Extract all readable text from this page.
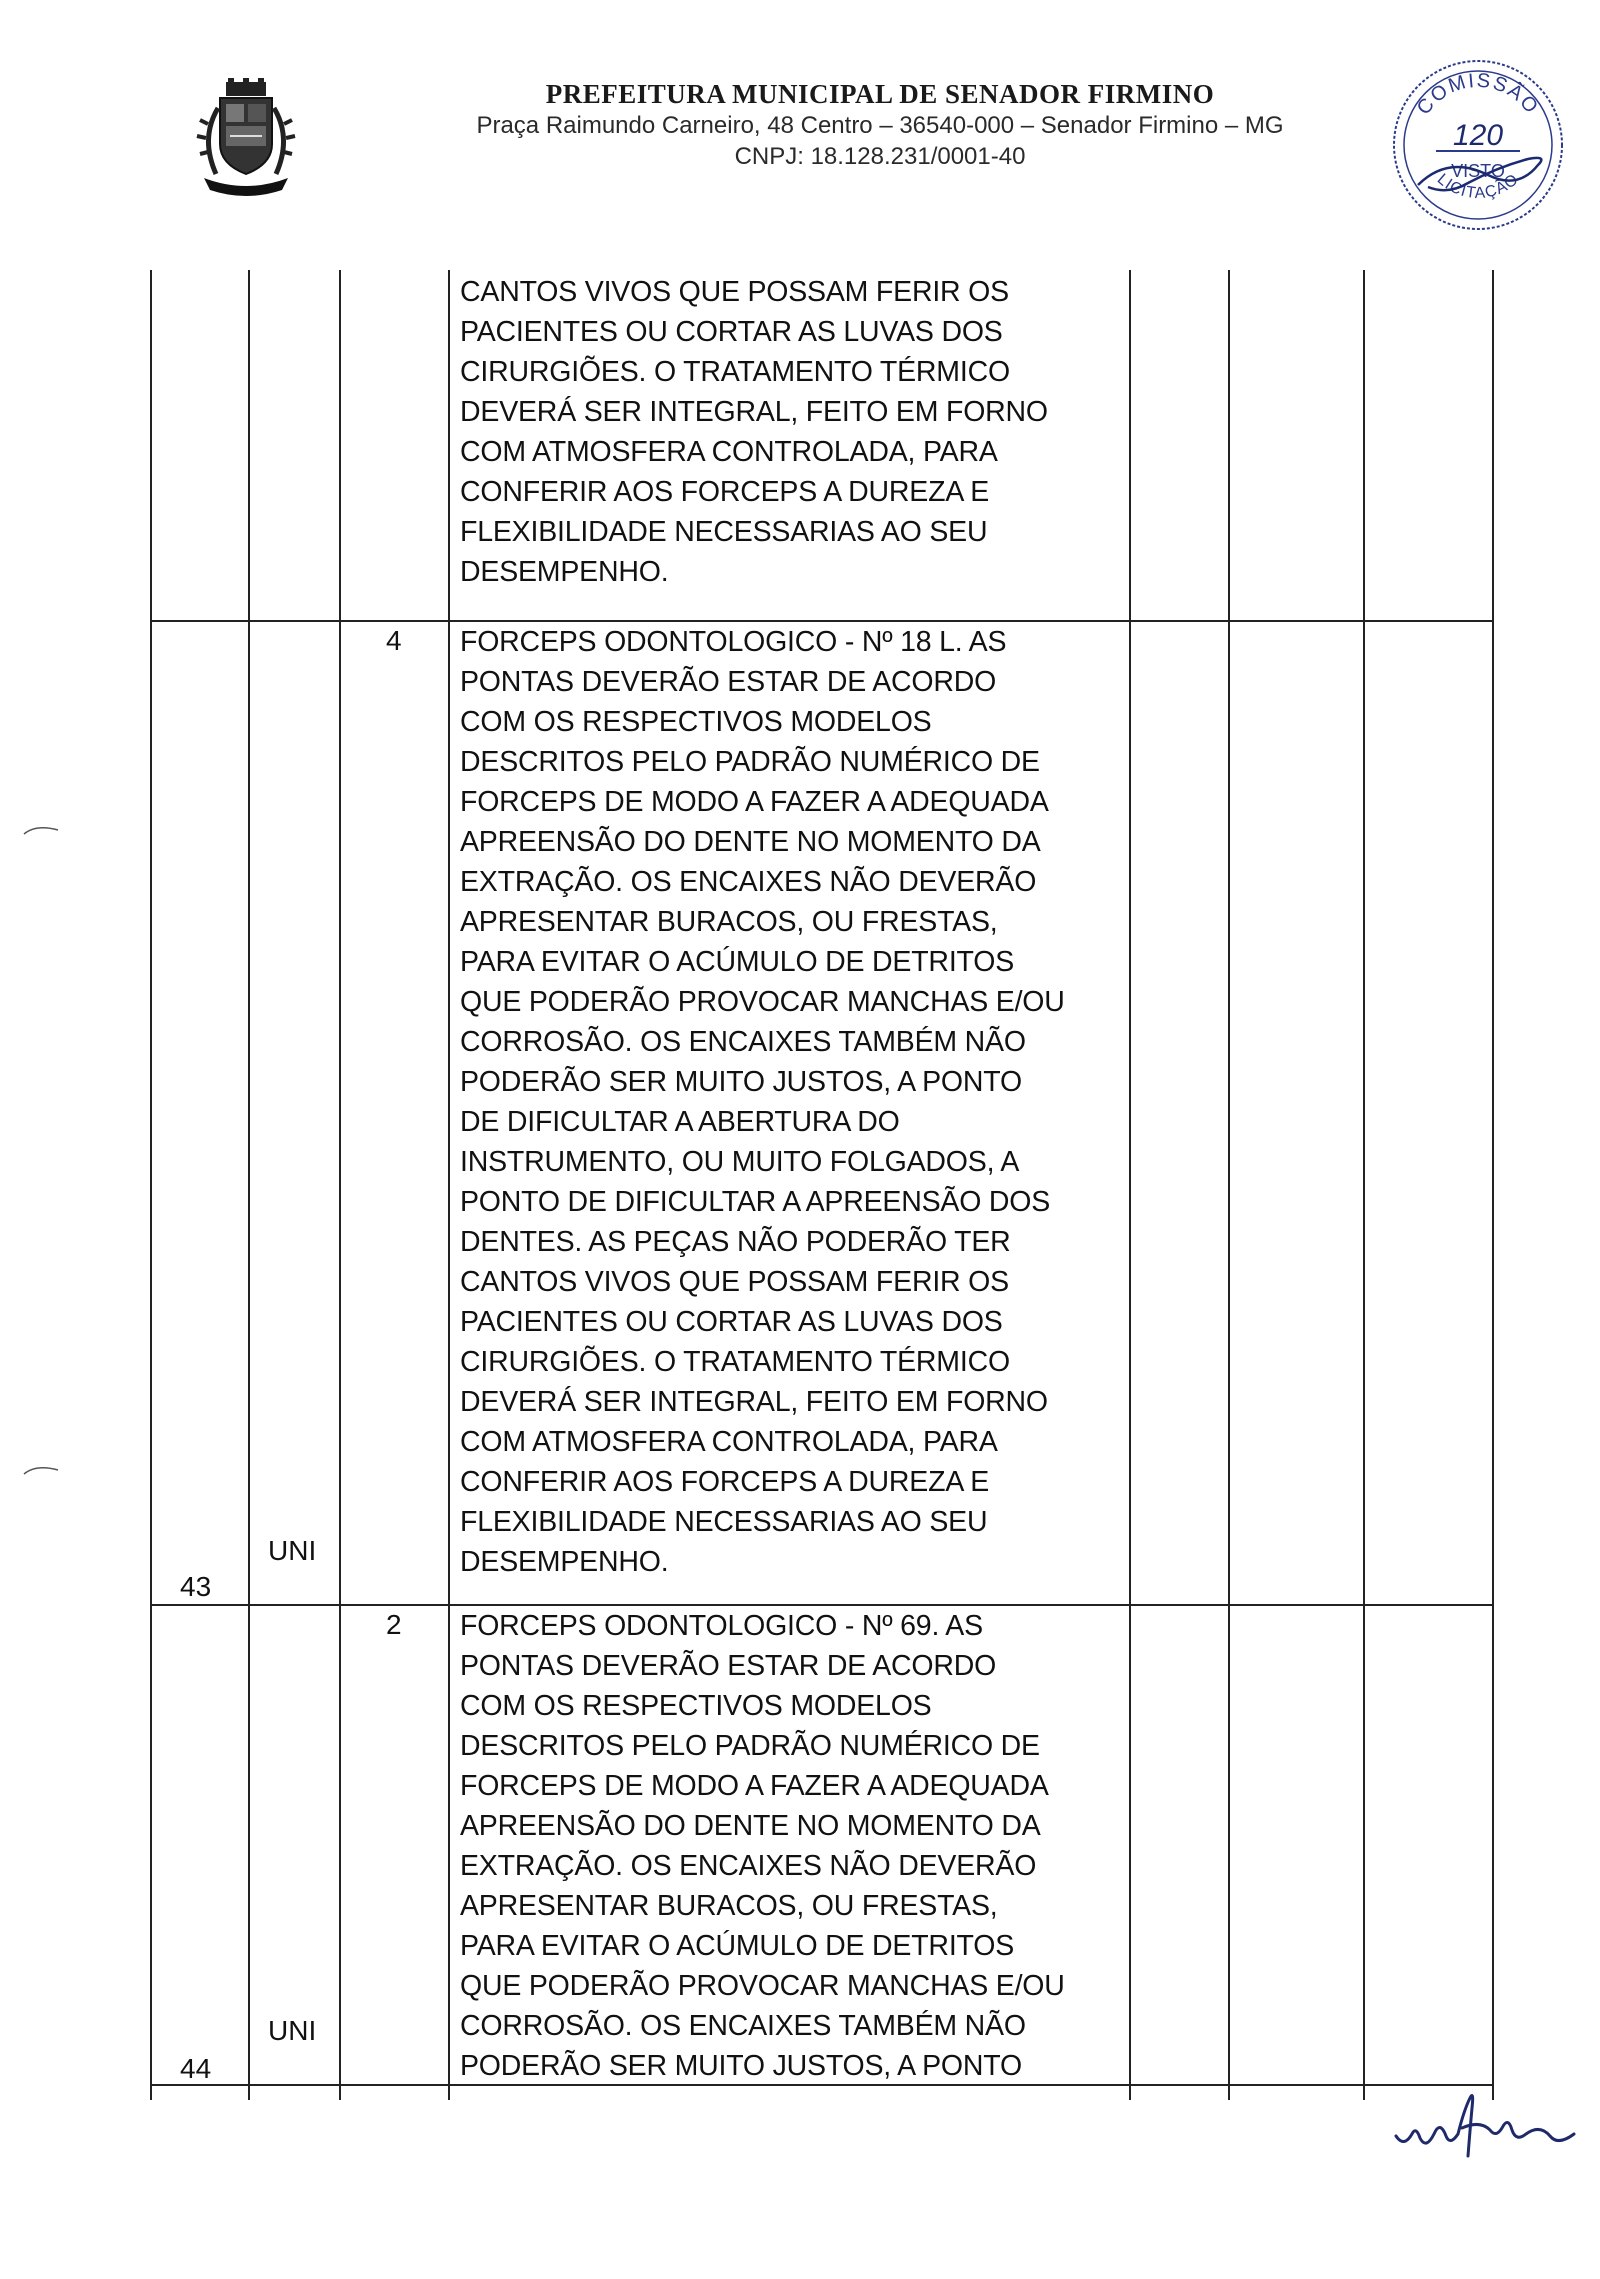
PREFEITURA MUNICIPAL DE SENADOR FIRMINO
Praça Raimundo Carneiro, 48 Centro – 36540-000 – Senador Firmino – MG
CNPJ: 18.128.231/0001-40
COMISSÃO
120
VISTO
LICITAÇÃO
CANTOS VIVOS QUE POSSAM FERIR OS
PACIENTES OU CORTAR AS LUVAS DOS
CIRURGIÕES. O TRATAMENTO TÉRMICO
DEVERÁ SER INTEGRAL, FEITO EM FORNO
COM ATMOSFERA CONTROLADA, PARA
CONFERIR AOS FORCEPS A DUREZA E
FLEXIBILIDADE NECESSARIAS AO SEU
DESEMPENHO.
43
UNI
4 FORCEPS ODONTOLOGICO - Nº 18 L. AS
PONTAS DEVERÃO ESTAR DE ACORDO
COM OS RESPECTIVOS MODELOS
DESCRITOS PELO PADRÃO NUMÉRICO DE
FORCEPS DE MODO A FAZER A ADEQUADA
APREENSÃO DO DENTE NO MOMENTO DA
EXTRAÇÃO. OS ENCAIXES NÃO DEVERÃO
APRESENTAR BURACOS, OU FRESTAS,
PARA EVITAR O ACÚMULO DE DETRITOS
QUE PODERÃO PROVOCAR MANCHAS E/OU
CORROSÃO. OS ENCAIXES TAMBÉM NÃO
PODERÃO SER MUITO JUSTOS, A PONTO
DE DIFICULTAR A ABERTURA DO
INSTRUMENTO, OU MUITO FOLGADOS, A
PONTO DE DIFICULTAR A APREENSÃO DOS
DENTES. AS PEÇAS NÃO PODERÃO TER
CANTOS VIVOS QUE POSSAM FERIR OS
PACIENTES OU CORTAR AS LUVAS DOS
CIRURGIÕES. O TRATAMENTO TÉRMICO
DEVERÁ SER INTEGRAL, FEITO EM FORNO
COM ATMOSFERA CONTROLADA, PARA
CONFERIR AOS FORCEPS A DUREZA E
FLEXIBILIDADE NECESSARIAS AO SEU
DESEMPENHO.
44
UNI
2 FORCEPS ODONTOLOGICO - Nº 69. AS
PONTAS DEVERÃO ESTAR DE ACORDO
COM OS RESPECTIVOS MODELOS
DESCRITOS PELO PADRÃO NUMÉRICO DE
FORCEPS DE MODO A FAZER A ADEQUADA
APREENSÃO DO DENTE NO MOMENTO DA
EXTRAÇÃO. OS ENCAIXES NÃO DEVERÃO
APRESENTAR BURACOS, OU FRESTAS,
PARA EVITAR O ACÚMULO DE DETRITOS
QUE PODERÃO PROVOCAR MANCHAS E/OU
CORROSÃO. OS ENCAIXES TAMBÉM NÃO
PODERÃO SER MUITO JUSTOS, A PONTO
